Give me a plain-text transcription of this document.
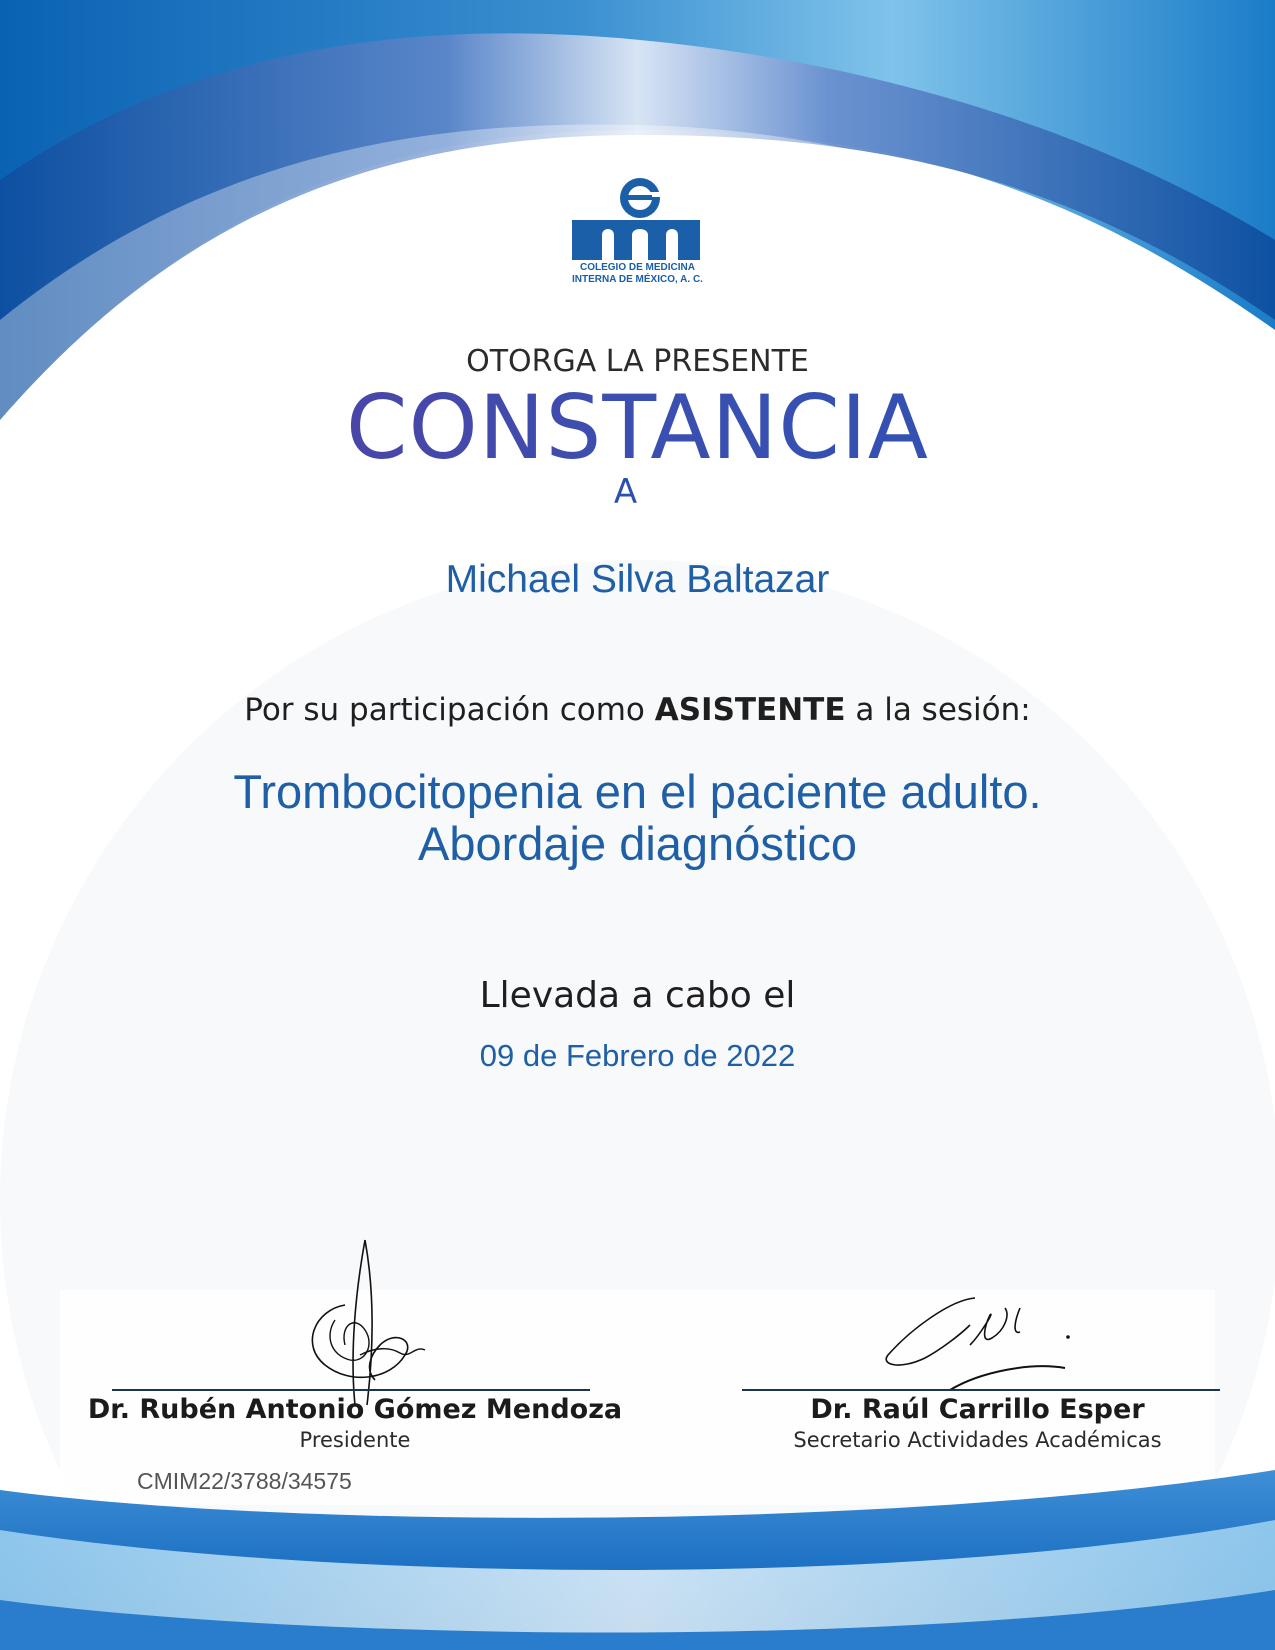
COLEGIO DE MEDICINA
INTERNA DE MÉXICO, A. C.
OTORGA LA PRESENTE
CONSTANCIA
A
Michael Silva Baltazar
Por su participación como ASISTENTE a la sesión:
Trombocitopenia en el paciente adulto.
Abordaje diagnóstico
Llevada a cabo el
09 de Febrero de 2022
Dr. Rubén Antonio Gómez Mendoza
Presidente
Dr. Raúl Carrillo Esper
Secretario Actividades Académicas
CMIM22/3788/34575
